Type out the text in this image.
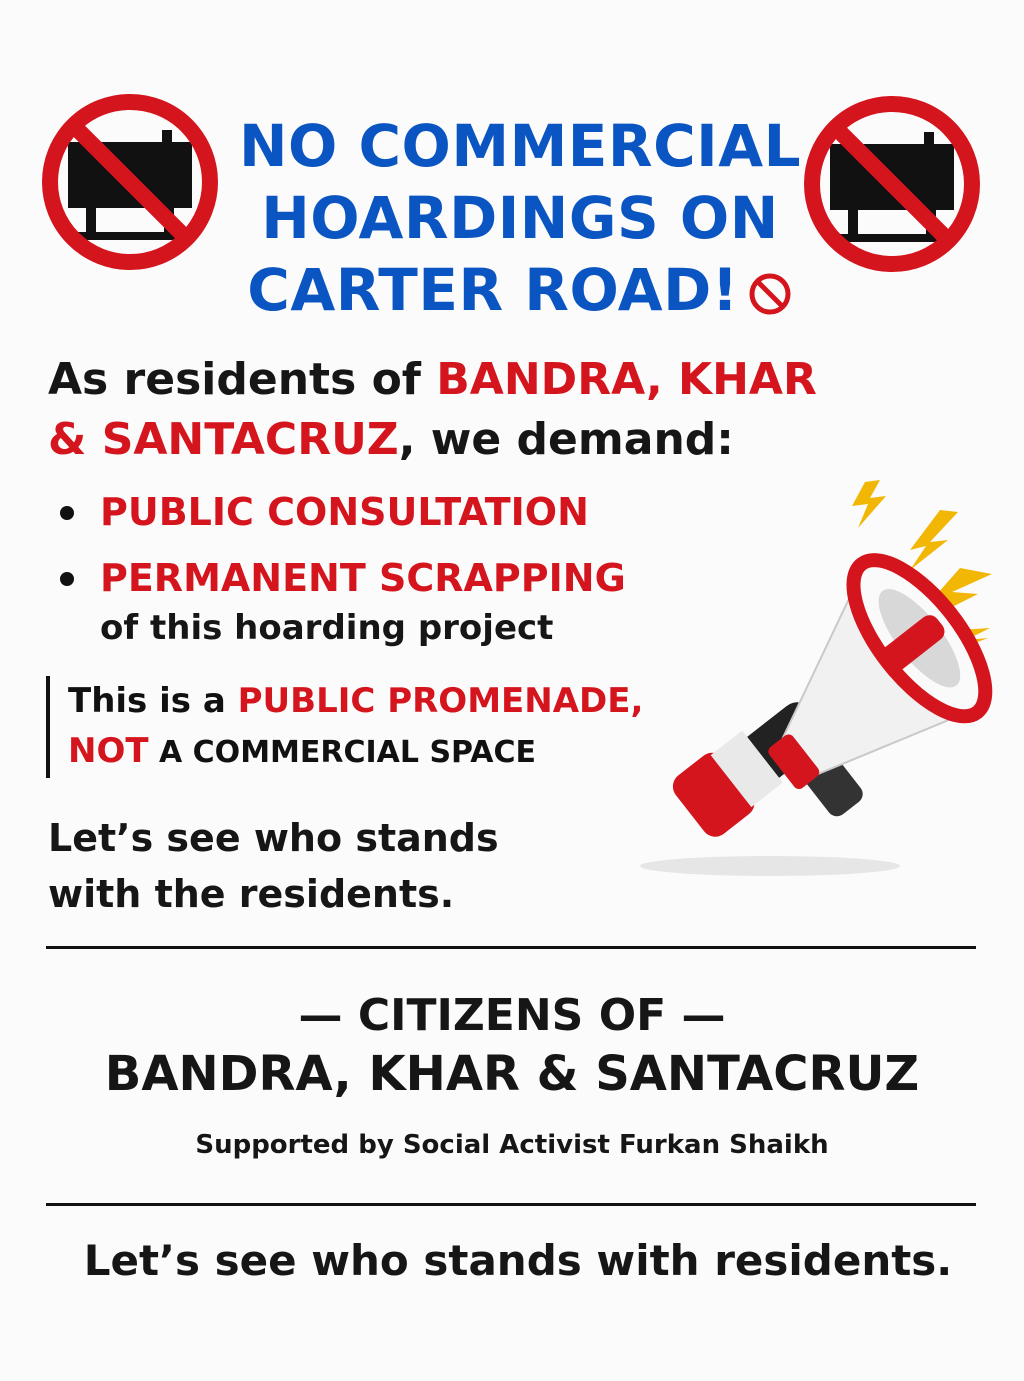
NO COMMERCIAL
HOARDINGS ON
CARTER ROAD!
As residents of BANDRA, KHAR
& SANTACRUZ, we demand:
PUBLIC CONSULTATION
PERMANENT SCRAPPING
of this hoarding project
This is a PUBLIC PROMENADE,
NOT A COMMERCIAL SPACE
Let’s see who stands
with the residents.
— CITIZENS OF —
BANDRA, KHAR & SANTACRUZ
Supported by Social Activist Furkan Shaikh
Let’s see who stands with residents.
